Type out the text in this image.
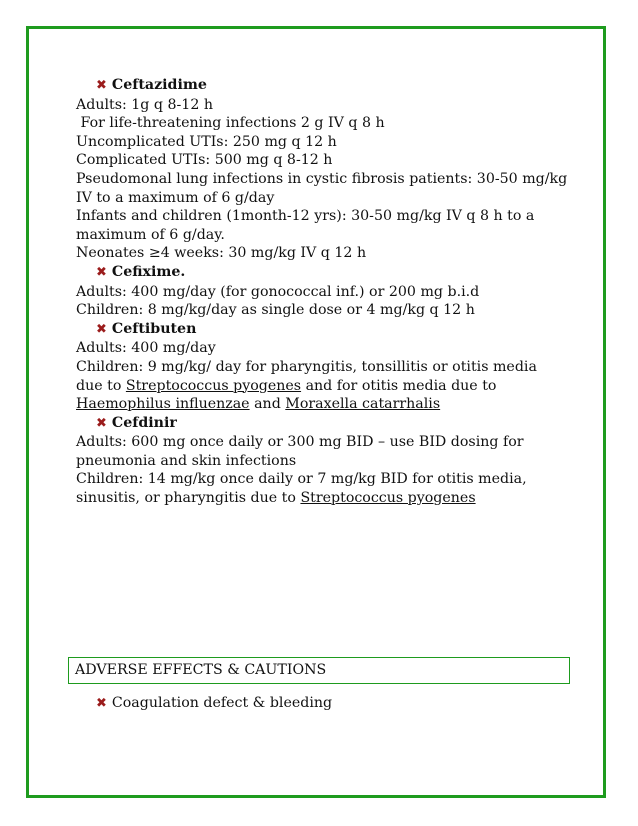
✖ Ceftazidime
Adults: 1g q 8-12 h
For life-threatening infections 2 g IV q 8 h
Uncomplicated UTIs: 250 mg q 12 h
Complicated UTIs: 500 mg q 8-12 h
Pseudomonal lung infections in cystic fibrosis patients: 30-50 mg/kg
IV to a maximum of 6 g/day
Infants and children (1month-12 yrs): 30-50 mg/kg IV q 8 h to a
maximum of 6 g/day.
Neonates ≥4 weeks: 30 mg/kg IV q 12 h
✖ Cefixime.
Adults: 400 mg/day (for gonococcal inf.) or 200 mg b.i.d
Children: 8 mg/kg/day as single dose or 4 mg/kg q 12 h
✖ Ceftibuten
Adults: 400 mg/day
Children: 9 mg/kg/ day for pharyngitis, tonsillitis or otitis media
due to Streptococcus pyogenes and for otitis media due to
Haemophilus influenzae and Moraxella catarrhalis
✖ Cefdinir
Adults: 600 mg once daily or 300 mg BID – use BID dosing for
pneumonia and skin infections
Children: 14 mg/kg once daily or 7 mg/kg BID for otitis media,
sinusitis, or pharyngitis due to Streptococcus pyogenes
ADVERSE EFFECTS & CAUTIONS
✖ Coagulation defect & bleeding
